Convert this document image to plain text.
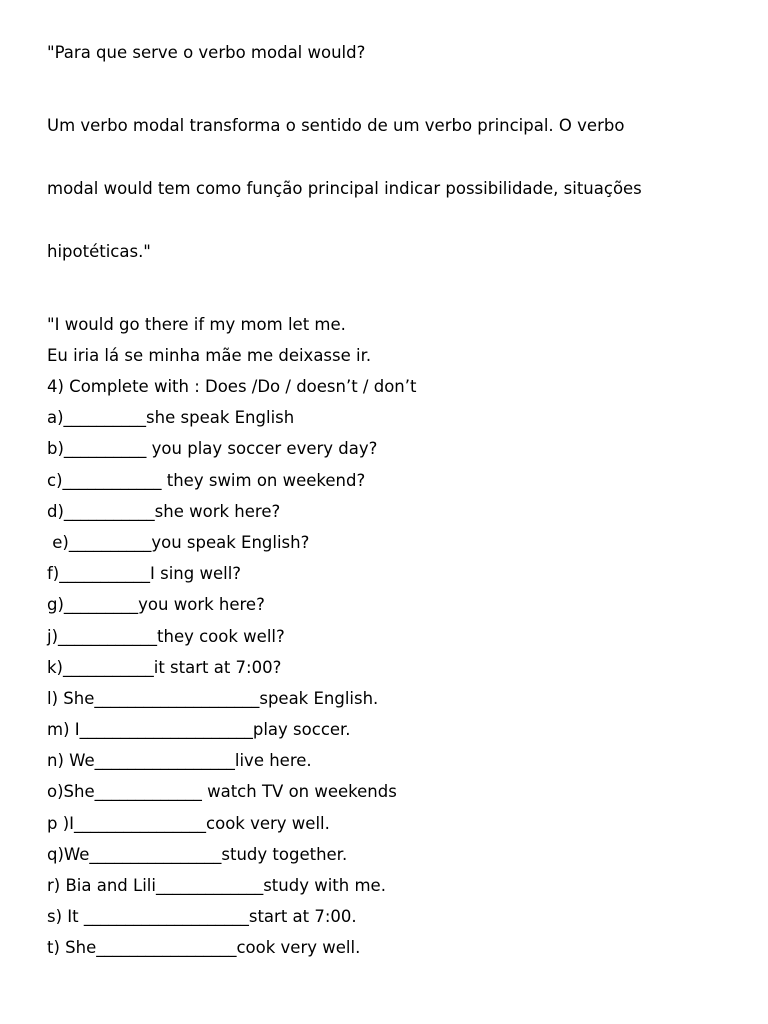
"Para que serve o verbo modal would?

Um verbo modal transforma o sentido de um verbo principal. O verbo

modal would tem como função principal indicar possibilidade, situações

hipotéticas."

"I would go there if my mom let me.

Eu iria lá se minha mãe me deixasse ir.

4) Complete with : Does /Do / doesn’t / don’t
a)__________she speak English
b)__________ you play soccer every day?
c)____________ they swim on weekend?
d)___________she work here?
e)__________you speak English?
f)___________I sing well?
g)_________you work here?
j)____________they cook well?
k)___________it start at 7:00?
l) She____________________speak English.
m) I_____________________play soccer.
n) We_________________live here.
o)She_____________ watch TV on weekends
p )I________________cook very well.
q)We________________study together.
r) Bia and Lili_____________study with me.
s) It ____________________start at 7:00.
t) She_________________cook very well.
